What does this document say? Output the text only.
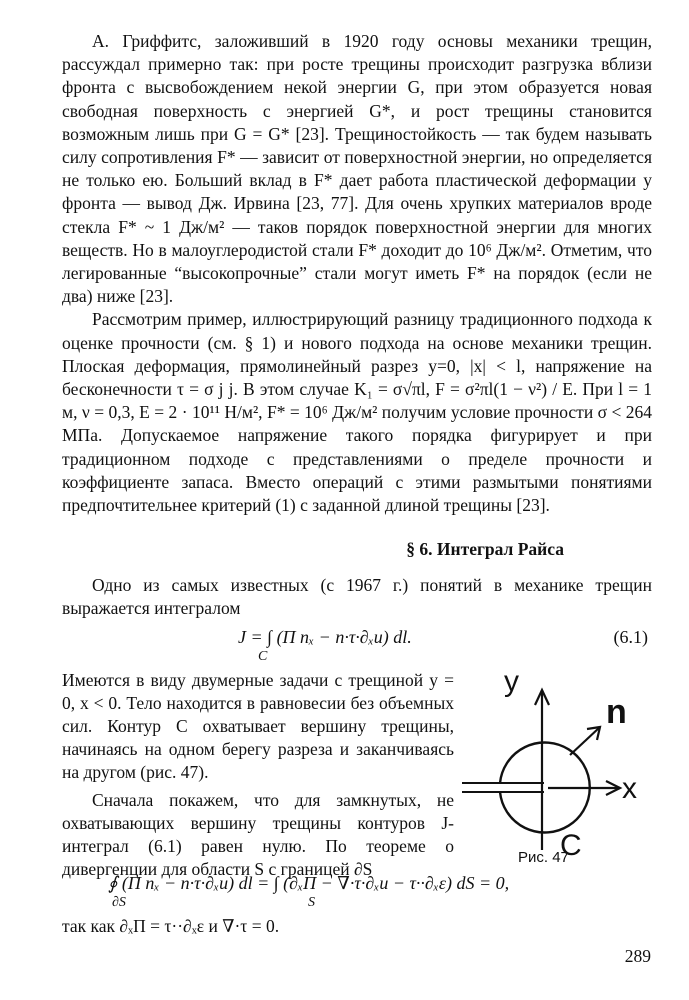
А. Гриффитс, заложивший в 1920 году основы механики трещин, рассуждал примерно так: при росте трещины происходит разгрузка вблизи фронта с высвобождением некой энергии G, при этом образуется новая свободная поверхность с энергией G*, и рост трещины становится возможным лишь при G = G* [23]. Трещиностойкость — так будем называть силу сопротивления F* — зависит от поверхностной энергии, но определяется не только ею. Больший вклад в F* дает работа пластической деформации у фронта — вывод Дж. Ирвина [23, 77]. Для очень хрупких материалов вроде стекла F* ~ 1 Дж/м² — таков порядок поверхностной энергии для многих веществ. Но в малоуглеродистой стали F* доходит до 10⁶ Дж/м². Отметим, что легированные “высокопрочные” стали могут иметь F* на порядок (если не два) ниже [23].

Рассмотрим пример, иллюстрирующий разницу традиционного подхода к оценке прочности (см. § 1) и нового подхода на основе механики трещин. Плоская деформация, прямолинейный разрез y=0, |x| < l, напряжение на бесконечности τ = σ j j. В этом случае K₁ = σ√πl, F = σ²πl(1 − ν²) / E. При l = 1 м, ν = 0,3, E = 2 · 10¹¹ Н/м², F* = 10⁶ Дж/м² получим условие прочности σ < 264 МПа. Допускаемое напряжение такого порядка фигурирует и при традиционном подходе с представлениями о пределе прочности и коэффициенте запаса. Вместо операций с этими размытыми понятиями предпочтительнее критерий (1) с заданной длиной трещины [23].

§ 6. Интеграл Райса

Одно из самых известных (с 1967 г.) понятий в механике трещин выражается интегралом

J = ∫ (Π nₓ − n·τ·∂ₓu) dl.
C
(6.1)

Имеются в виду двумерные задачи с трещиной y = 0, x < 0. Тело находится в равновесии без объемных сил. Контур C охватывает вершину трещины, начинаясь на одном берегу разреза и заканчиваясь на другом (рис. 47).

Сначала покажем, что для замкнутых, не охватывающих вершину трещины контуров J-интеграл (6.1) равен нулю. По теореме о дивергенции для области S с границей ∂S

y
n
x
C
Рис. 47
∮ (Π nₓ − n·τ·∂ₓu) dl = ∫ (∂ₓΠ − ∇·τ·∂ₓu − τ··∂ₓε) dS = 0,
∂S	S

так как ∂ₓΠ = τ··∂ₓε и ∇·τ = 0.

289
